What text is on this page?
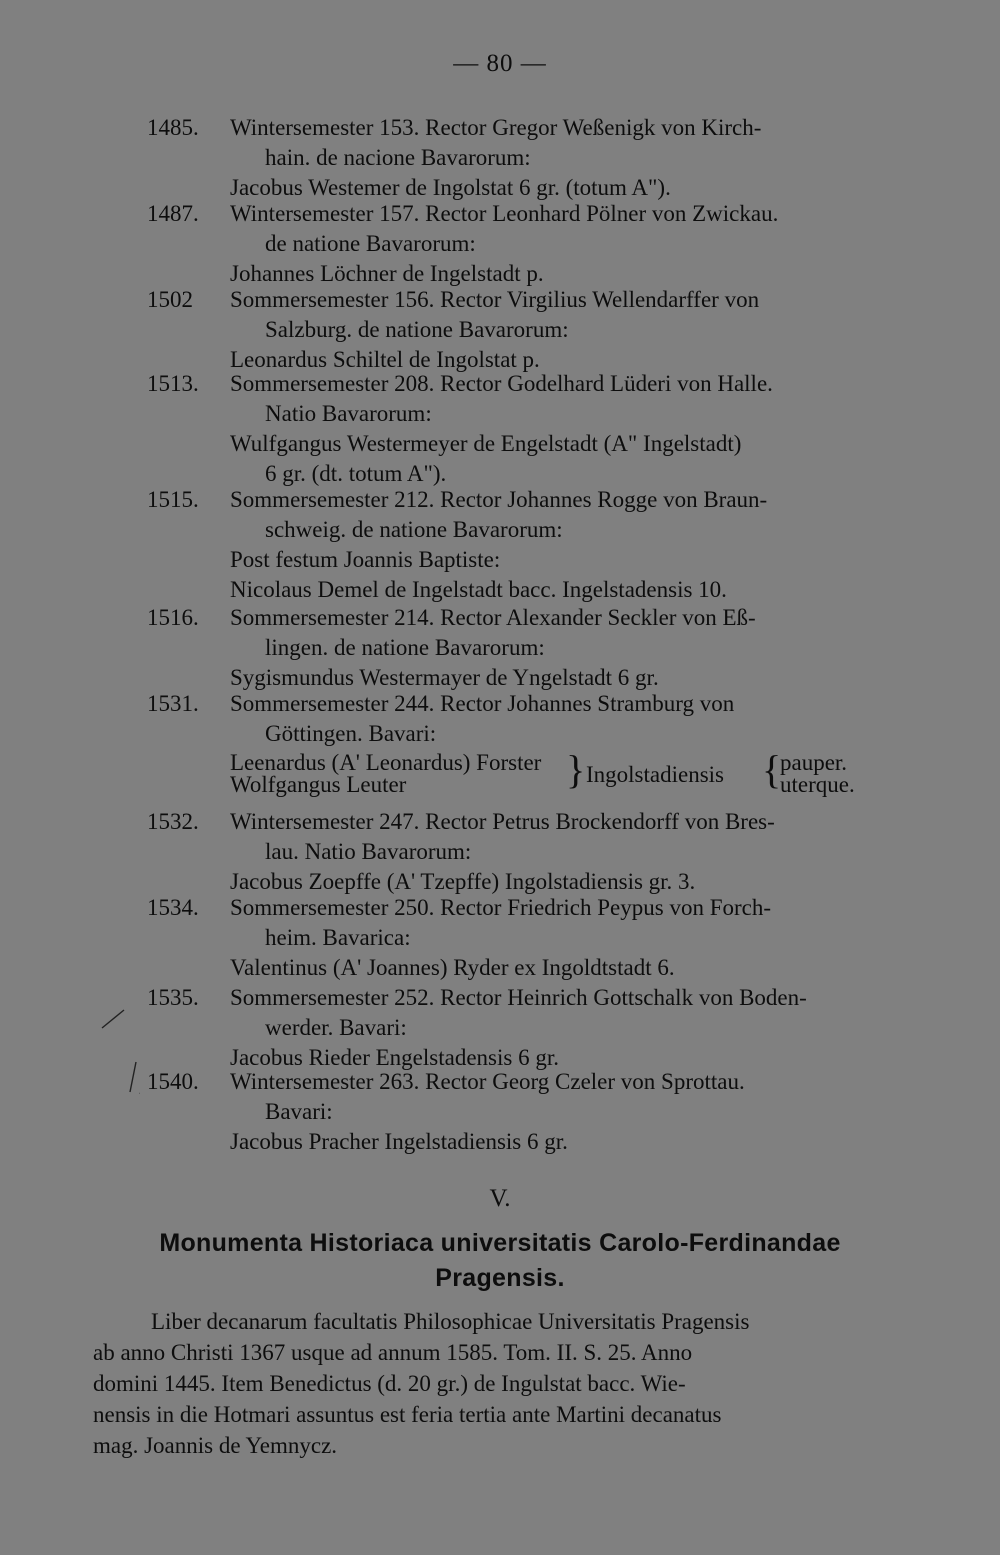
— 80 —
1485. Wintersemester 153. Rector Gregor Weßenigk von Kirch-
hain. de nacione Bavarorum:
Jacobus Westemer de Ingolstat 6 gr. (totum A").
1487. Wintersemester 157. Rector Leonhard Pölner von Zwickau.
de natione Bavarorum:
Johannes Löchner de Ingelstadt p.
1502 Sommersemester 156. Rector Virgilius Wellendarffer von
Salzburg. de natione Bavarorum:
Leonardus Schiltel de Ingolstat p.
1513. Sommersemester 208. Rector Godelhard Lüderi von Halle.
Natio Bavarorum:
Wulfgangus Westermeyer de Engelstadt (A" Ingelstadt)
6 gr. (dt. totum A").
1515. Sommersemester 212. Rector Johannes Rogge von Braun-
schweig. de natione Bavarorum:
Post festum Joannis Baptiste:
Nicolaus Demel de Ingelstadt bacc. Ingelstadensis 10.
1516. Sommersemester 214. Rector Alexander Seckler von Eß-
lingen. de natione Bavarorum:
Sygismundus Westermayer de Yngelstadt 6 gr.
1531. Sommersemester 244. Rector Johannes Stramburg von
Göttingen. Bavari:
Leenardus (A' Leonardus) Forster
Wolfgangus Leuter	} Ingolstadiensis {
pauper.
uterque.
1532. Wintersemester 247. Rector Petrus Brockendorff von Bres-
lau. Natio Bavarorum:
Jacobus Zoepffe (A' Tzepffe) Ingolstadiensis gr. 3.
1534. Sommersemester 250. Rector Friedrich Peypus von Forch-
heim. Bavarica:
Valentinus (A' Joannes) Ryder ex Ingoldtstadt 6.
1535. Sommersemester 252. Rector Heinrich Gottschalk von Boden-
werder. Bavari:
Jacobus Rieder Engelstadensis 6 gr.
1540. Wintersemester 263. Rector Georg Czeler von Sprottau.
Bavari:
Jacobus Pracher Ingelstadiensis 6 gr.
V.
Monumenta Historiaca universitatis Carolo-Ferdinandae
Pragensis.
Liber decanarum facultatis Philosophicae Universitatis Pragensis
ab anno Christi 1367 usque ad annum 1585. Tom. II. S. 25. Anno
domini 1445. Item Benedictus (d. 20 gr.) de Ingulstat bacc. Wie-
nensis in die Hotmari assuntus est feria tertia ante Martini decanatus
mag. Joannis de Yemnycz.
